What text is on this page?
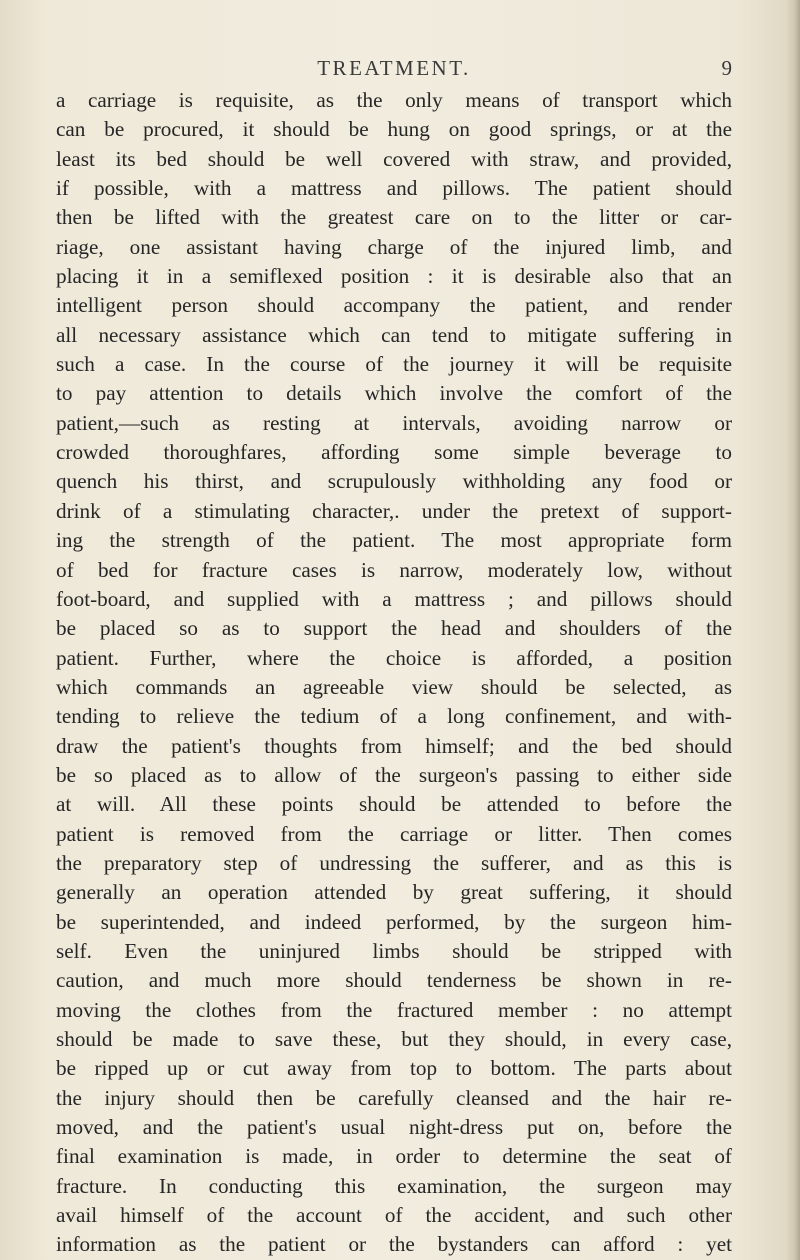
TREATMENT.	9
a carriage is requisite, as the only means of transport which
can be procured, it should be hung on good springs, or at the
least its bed should be well covered with straw, and provided,
if possible, with a mattress and pillows. The patient should
then be lifted with the greatest care on to the litter or car-
riage, one assistant having charge of the injured limb, and
placing it in a semiflexed position : it is desirable also that an
intelligent person should accompany the patient, and render
all necessary assistance which can tend to mitigate suffering in
such a case. In the course of the journey it will be requisite
to pay attention to details which involve the comfort of the
patient,—such as resting at intervals, avoiding narrow or
crowded thoroughfares, affording some simple beverage to
quench his thirst, and scrupulously withholding any food or
drink of a stimulating character,. under the pretext of support-
ing the strength of the patient. The most appropriate form
of bed for fracture cases is narrow, moderately low, without
foot-board, and supplied with a mattress ; and pillows should
be placed so as to support the head and shoulders of the
patient. Further, where the choice is afforded, a position
which commands an agreeable view should be selected, as
tending to relieve the tedium of a long confinement, and with-
draw the patient's thoughts from himself; and the bed should
be so placed as to allow of the surgeon's passing to either side
at will. All these points should be attended to before the
patient is removed from the carriage or litter. Then comes
the preparatory step of undressing the sufferer, and as this is
generally an operation attended by great suffering, it should
be superintended, and indeed performed, by the surgeon him-
self. Even the uninjured limbs should be stripped with
caution, and much more should tenderness be shown in re-
moving the clothes from the fractured member : no attempt
should be made to save these, but they should, in every case,
be ripped up or cut away from top to bottom. The parts about
the injury should then be carefully cleansed and the hair re-
moved, and the patient's usual night-dress put on, before the
final examination is made, in order to determine the seat of
fracture. In conducting this examination, the surgeon may
avail himself of the account of the accident, and such other
information as the patient or the bystanders can afford : yet
